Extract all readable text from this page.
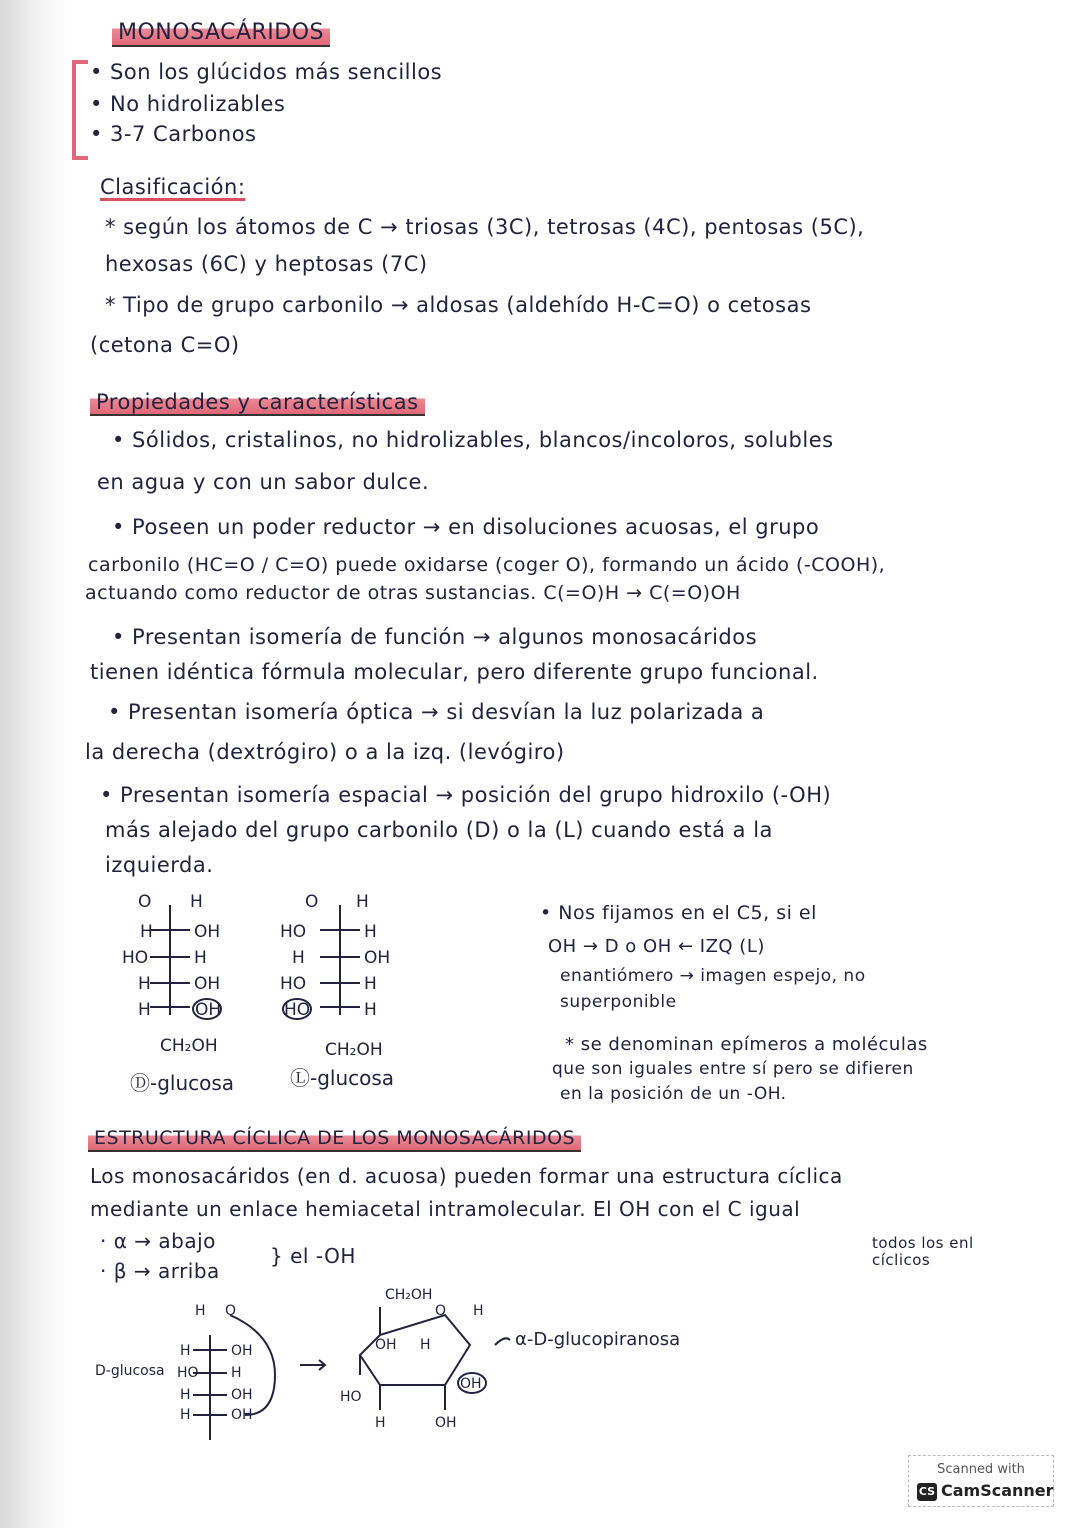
MONOSACÁRIDOS
• Son los glúcidos más sencillos
• No hidrolizables
• 3-7 Carbonos
Clasificación:
* según los átomos de C → triosas (3C), tetrosas (4C), pentosas (5C),
hexosas (6C) y heptosas (7C)
* Tipo de grupo carbonilo → aldosas (aldehído H-C=O) o cetosas
(cetona C=O)
Propiedades y características
• Sólidos, cristalinos, no hidrolizables, blancos/incoloros, solubles
en agua y con un sabor dulce.
• Poseen un poder reductor → en disoluciones acuosas, el grupo
carbonilo (HC=O / C=O) puede oxidarse (coger O), formando un ácido (-COOH),
actuando como reductor de otras sustancias. C(=O)H → C(=O)OH
• Presentan isomería de función → algunos monosacáridos
tienen idéntica fórmula molecular, pero diferente grupo funcional.
• Presentan isomería óptica → si desvían la luz polarizada a
la derecha (dextrógiro) o a la izq. (levógiro)
• Presentan isomería espacial → posición del grupo hidroxilo (-OH)
más alejado del grupo carbonilo (D) o la (L) cuando está a la
izquierda.
O H
H OH
HO	H
H	OH
H	OH
CH₂OH
O H
HO	H
H	OH
HO	H
HO	H
CH₂OH
Ⓓ-glucosa	Ⓛ-glucosa
• Nos fijamos en el C5, si el
OH → D o OH ← IZQ (L)
enantiómero → imagen espejo, no
superponible
* se denominan epímeros a moléculas
que son iguales entre sí pero se difieren
en la posición de un -OH.
ESTRUCTURA CÍCLICA DE LOS MONOSACÁRIDOS
Los monosacáridos (en d. acuosa) pueden formar una estructura cíclica
mediante un enlace hemiacetal intramolecular. El OH con el C igual
· α → abajo
· β → arriba
} el -OH
todos los enl cíclicos
D-glucosa
H O
H	OH
HO H
H	OH
H	OH
CH₂OH
O H
OH H
OH
HO
H	OH
α-D-glucopiranosa
Scanned with
CS CamScanner
